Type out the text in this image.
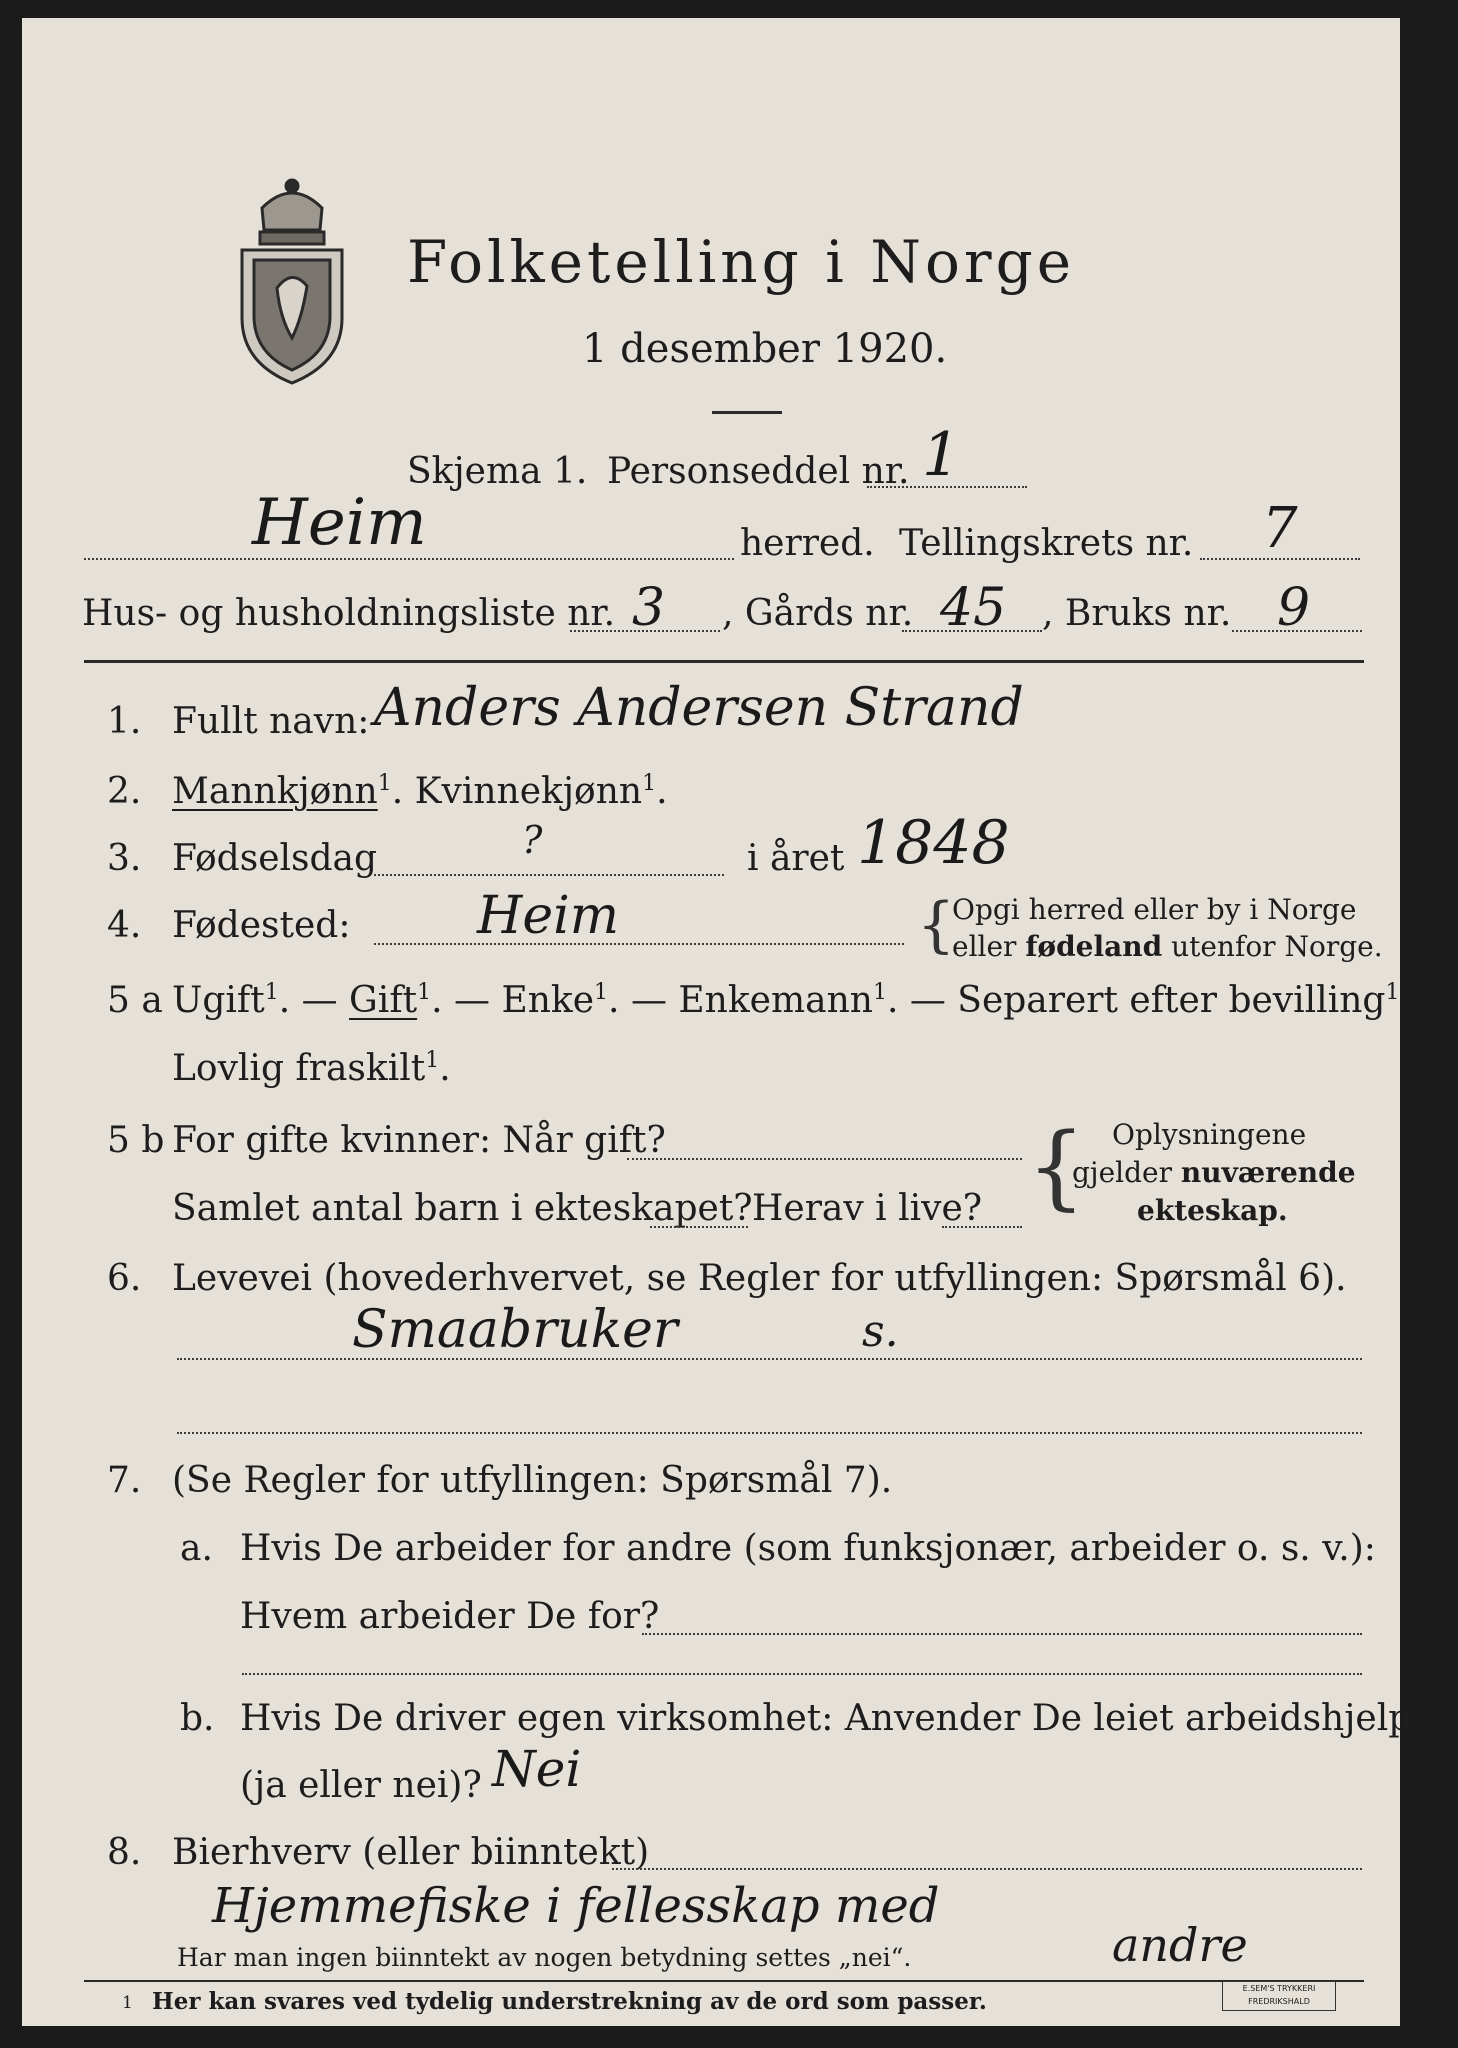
Folketelling i Norge
1 desember 1920.
Skjema 1. Personseddel nr. 1
Heim	herred. Tellingskrets nr. 7
Hus- og husholdningsliste nr. 3 , Gårds nr. 45 , Bruks nr. 9
1. Fullt navn: Anders Andersen Strand
2. Mannkjønn$^1$. Kvinnekjønn$^1$.
3. Fødselsdag	?	i året 1848
4. Fødested: Heim	{
Opgi herred eller by i Norge
eller fødeland utenfor Norge.
5 a Ugift$^1$. — Gift$^1$. — Enke$^1$. — Enkemann$^1$. — Separert efter bevilling$^1$. —
Lovlig fraskilt$^1$.
5 b For gifte kvinner: Når gift?
Samlet antal barn i ekteskapet? Herav i live? { Oplysningene
gjelder nuværende
ekteskap.
6. Levevei (hovederhvervet, se Regler for utfyllingen: Spørsmål 6).
Smaabruker	s.
7. (Se Regler for utfyllingen: Spørsmål 7).
a. Hvis De arbeider for andre (som funksjonær, arbeider o. s. v.):
Hvem arbeider De for?
b. Hvis De driver egen virksomhet: Anvender De leiet arbeidshjelp
(ja eller nei)? Nei
8. Bierhverv (eller biinntekt)
Hjemmefiske i fellesskap med
Har man ingen biinntekt av nogen betydning settes „nei“.	andre
1 Her kan svares ved tydelig understrekning av de ord som passer.	E.SEM'S TRYKKERI
FREDRIKSHALD
